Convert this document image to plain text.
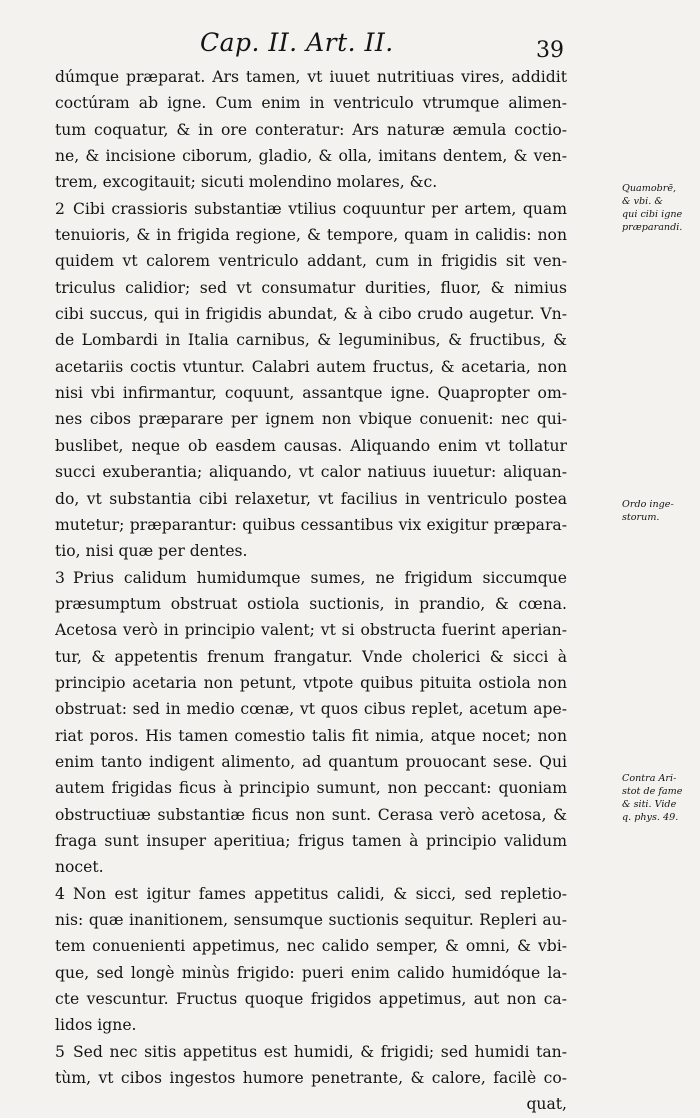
Cap. II. Art. II.	39
dúmque præparat. Ars tamen, vt iuuet nutritiuas vires, addidit
coctúram ab igne. Cum enim in ventriculo vtrumque alimen-
tum coquatur, & in ore conteratur: Ars naturæ æmula coctio-
ne, & incisione ciborum, gladio, & olla, imitans dentem, & ven-
trem, excogitauit; sicuti molendino molares, &c.
2 Cibi crassioris substantiæ vtilius coquuntur per artem, quam
tenuioris, & in frigida regione, & tempore, quam in calidis: non
quidem vt calorem ventriculo addant, cum in frigidis sit ven-
triculus calidior; sed vt consumatur durities, fluor, & nimius
cibi succus, qui in frigidis abundat, & à cibo crudo augetur. Vn-
de Lombardi in Italia carnibus, & leguminibus, & fructibus, &
acetariis coctis vtuntur. Calabri autem fructus, & acetaria, non
nisi vbi infirmantur, coquunt, assantque igne. Quapropter om-
nes cibos præparare per ignem non vbique conuenit: nec qui-
buslibet, neque ob easdem causas. Aliquando enim vt tollatur
succi exuberantia; aliquando, vt calor natiuus iuuetur: aliquan-
do, vt substantia cibi relaxetur, vt facilius in ventriculo postea
mutetur; præparantur: quibus cessantibus vix exigitur præpara-
tio, nisi quæ per dentes.
3 Prius calidum humidumque sumes, ne frigidum siccumque
præsumptum obstruat ostiola suctionis, in prandio, & cœna.
Acetosa verò in principio valent; vt si obstructa fuerint aperian-
tur, & appetentis frenum frangatur. Vnde cholerici & sicci à
principio acetaria non petunt, vtpote quibus pituita ostiola non
obstruat: sed in medio cœnæ, vt quos cibus replet, acetum ape-
riat poros. His tamen comestio talis fit nimia, atque nocet; non
enim tanto indigent alimento, ad quantum prouocant sese. Qui
autem frigidas ficus à principio sumunt, non peccant: quoniam
obstructiuæ substantiæ ficus non sunt. Cerasa verò acetosa, &
fraga sunt insuper aperitiua; frigus tamen à principio validum
nocet.
4 Non est igitur fames appetitus calidi, & sicci, sed repletio-
nis: quæ inanitionem, sensumque suctionis sequitur. Repleri au-
tem conuenienti appetimus, nec calido semper, & omni, & vbi-
que, sed longè minùs frigido: pueri enim calido humidóque la-
cte vescuntur. Fructus quoque frigidos appetimus, aut non ca-
lidos igne.
5 Sed nec sitis appetitus est humidi, & frigidi; sed humidi tan-
tùm, vt cibos ingestos humore penetrante, & calore, facilè co-
quat,
Quamobrē,
& vbi. &
qui cibi igne
præparandi.
Ordo inge-
storum.
Contra Ari-
stot de fame
& siti. Vide
q. phys. 49.
